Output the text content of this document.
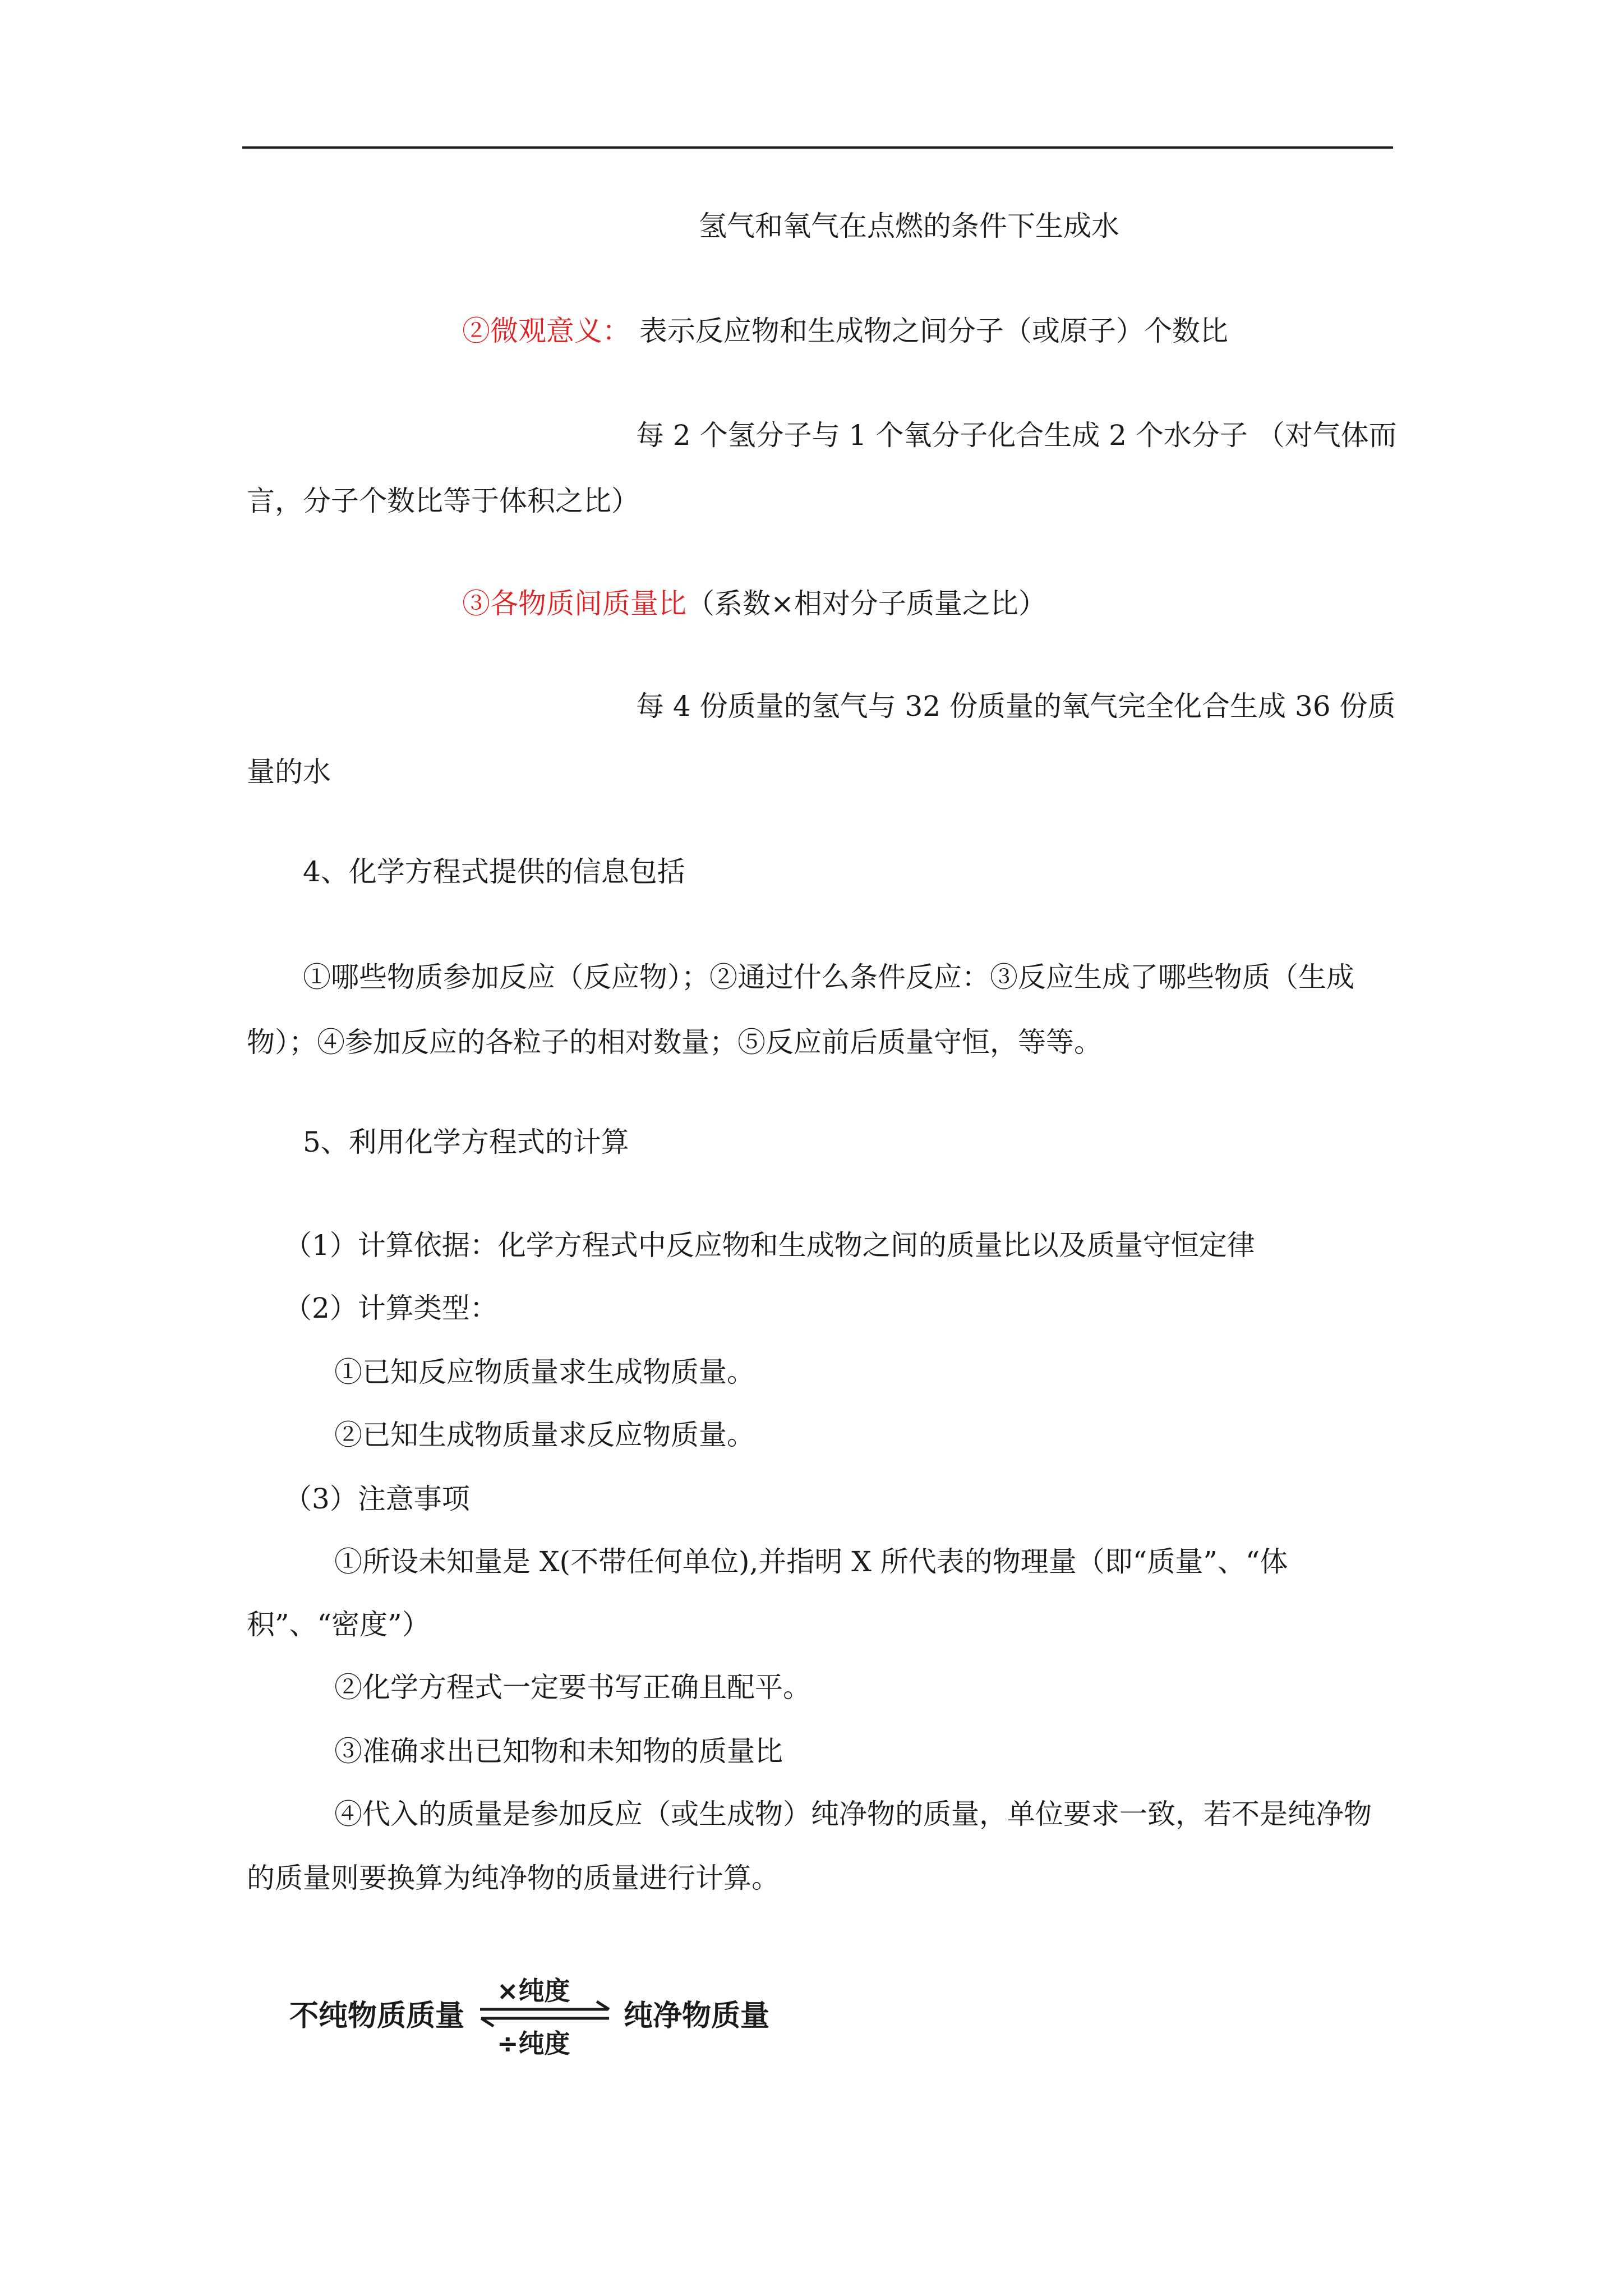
氢气和氧气在点燃的条件下生成水
②微观意义： 表示反应物和生成物之间分子（或原子）个数比
每 2 个氢分子与 1 个氧分子化合生成 2 个水分子 （对气体而
言，分子个数比等于体积之比）
③各物质间质量比（系数×相对分子质量之比）
每 4 份质量的氢气与 32 份质量的氧气完全化合生成 36 份质
量的水
4、化学方程式提供的信息包括
①哪些物质参加反应（反应物）；②通过什么条件反应：③反应生成了哪些物质（生成
物）；④参加反应的各粒子的相对数量；⑤反应前后质量守恒，等等。
5、利用化学方程式的计算
（1）计算依据：化学方程式中反应物和生成物之间的质量比以及质量守恒定律
（2）计算类型：
①已知反应物质量求生成物质量。
②已知生成物质量求反应物质量。
（3）注意事项
①所设未知量是 X(不带任何单位),并指明 X 所代表的物理量（即“质量”、“体
积”、“密度”）
②化学方程式一定要书写正确且配平。
③准确求出已知物和未知物的质量比
④代入的质量是参加反应（或生成物）纯净物的质量，单位要求一致，若不是纯净物
的质量则要换算为纯净物的质量进行计算。
不纯物质质量
×纯度
÷纯度
纯净物质量
